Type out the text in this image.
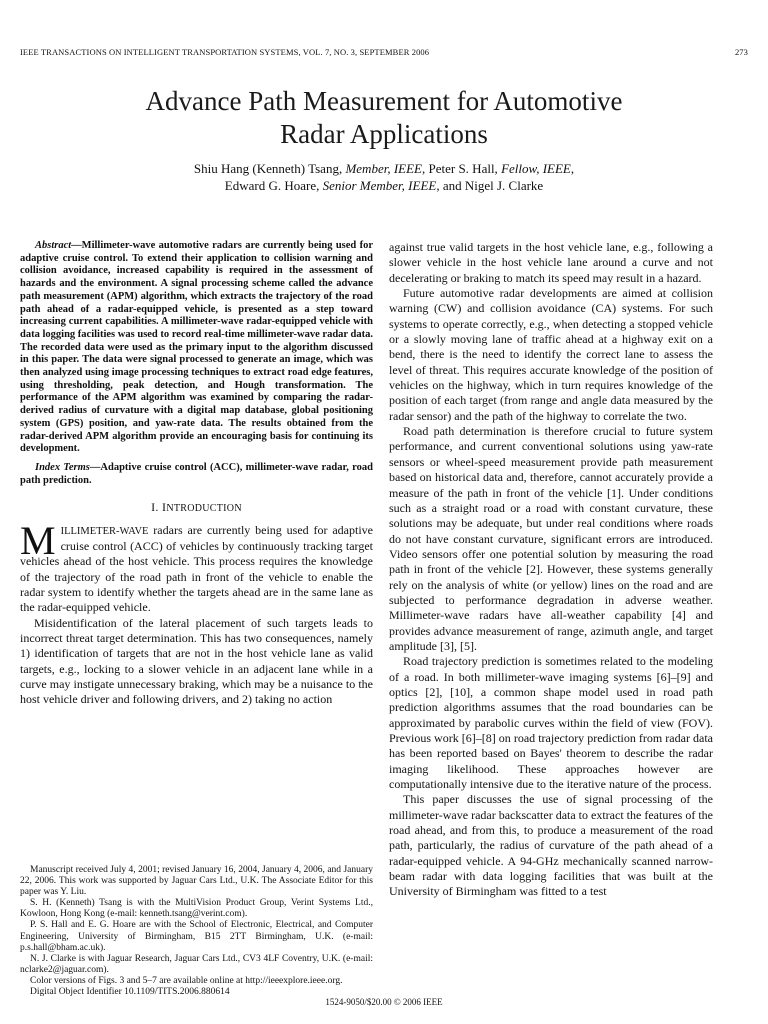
IEEE TRANSACTIONS ON INTELLIGENT TRANSPORTATION SYSTEMS, VOL. 7, NO. 3, SEPTEMBER 2006	273
Advance Path Measurement for Automotive
Radar Applications
Shiu Hang (Kenneth) Tsang, Member, IEEE, Peter S. Hall, Fellow, IEEE,
Edward G. Hoare, Senior Member, IEEE, and Nigel J. Clarke

Abstract—Millimeter-wave automotive radars are currently being used for adaptive cruise control. To extend their application to collision warning and collision avoidance, increased capability is required in the assessment of hazards and the environment. A signal processing scheme called the advance path measurement (APM) algorithm, which extracts the trajectory of the road path ahead of a radar-equipped vehicle, is presented as a step toward increasing current capabilities. A millimeter-wave radar-equipped vehicle with data logging facilities was used to record real-time millimeter-wave radar data. The recorded data were used as the primary input to the algorithm discussed in this paper. The data were signal processed to generate an image, which was then analyzed using image processing techniques to extract road edge features, using thresholding, peak detection, and Hough transformation. The performance of the APM algorithm was examined by comparing the radar-derived radius of curvature with a digital map database, global positioning system (GPS) position, and yaw-rate data. The results obtained from the radar-derived APM algorithm provide an encouraging basis for continuing its development.

Index Terms—Adaptive cruise control (ACC), millimeter-wave radar, road path prediction.

I. INTRODUCTION

MILLIMETER-WAVE radars are currently being used for adaptive cruise control (ACC) of vehicles by continuously tracking target vehicles ahead of the host vehicle. This process requires the knowledge of the trajectory of the road path in front of the vehicle to enable the radar system to identify whether the targets ahead are in the same lane as the radar-equipped vehicle.

Misidentification of the lateral placement of such targets leads to incorrect threat target determination. This has two consequences, namely 1) identification of targets that are not in the host vehicle lane as valid targets, e.g., locking to a slower vehicle in an adjacent lane while in a curve may instigate unnecessary braking, which may be a nuisance to the host vehicle driver and following drivers, and 2) taking no action

Manuscript received July 4, 2001; revised January 16, 2004, January 4, 2006, and January 22, 2006. This work was supported by Jaguar Cars Ltd., U.K. The Associate Editor for this paper was Y. Liu.

S. H. (Kenneth) Tsang is with the MultiVision Product Group, Verint Systems Ltd., Kowloon, Hong Kong (e-mail: kenneth.tsang@verint.com).

P. S. Hall and E. G. Hoare are with the School of Electronic, Electrical, and Computer Engineering, University of Birmingham, B15 2TT Birmingham, U.K. (e-mail: p.s.hall@bham.ac.uk).

N. J. Clarke is with Jaguar Research, Jaguar Cars Ltd., CV3 4LF Coventry, U.K. (e-mail: nclarke2@jaguar.com).

Color versions of Figs. 3 and 5–7 are available online at http://ieeexplore.ieee.org.

Digital Object Identifier 10.1109/TITS.2006.880614

against true valid targets in the host vehicle lane, e.g., following a slower vehicle in the host vehicle lane around a curve and not decelerating or braking to match its speed may result in a hazard.

Future automotive radar developments are aimed at collision warning (CW) and collision avoidance (CA) systems. For such systems to operate correctly, e.g., when detecting a stopped vehicle or a slowly moving lane of traffic ahead at a highway exit on a bend, there is the need to identify the correct lane to assess the level of threat. This requires accurate knowledge of the position of vehicles on the highway, which in turn requires knowledge of the position of each target (from range and angle data measured by the radar sensor) and the path of the highway to correlate the two.

Road path determination is therefore crucial to future system performance, and current conventional solutions using yaw-rate sensors or wheel-speed measurement provide path measurement based on historical data and, therefore, cannot accurately provide a measure of the path in front of the vehicle [1]. Under conditions such as a straight road or a road with constant curvature, these solutions may be adequate, but under real conditions where roads do not have constant curvature, significant errors are introduced. Video sensors offer one potential solution by measuring the road path in front of the vehicle [2]. However, these systems generally rely on the analysis of white (or yellow) lines on the road and are subjected to performance degradation in adverse weather. Millimeter-wave radars have all-weather capability [4] and provides advance measurement of range, azimuth angle, and target amplitude [3], [5].

Road trajectory prediction is sometimes related to the modeling of a road. In both millimeter-wave imaging systems [6]–[9] and optics [2], [10], a common shape model used in road path prediction algorithms assumes that the road boundaries can be approximated by parabolic curves within the field of view (FOV). Previous work [6]–[8] on road trajectory prediction from radar data has been reported based on Bayes' theorem to describe the radar imaging likelihood. These approaches however are computationally intensive due to the iterative nature of the process.

This paper discusses the use of signal processing of the millimeter-wave radar backscatter data to extract the features of the road ahead, and from this, to produce a measurement of the road path, particularly, the radius of curvature of the path ahead of a radar-equipped vehicle. A 94-GHz mechanically scanned narrow-beam radar with data logging facilities that was built at the University of Birmingham was fitted to a test

1524-9050/$20.00 © 2006 IEEE
